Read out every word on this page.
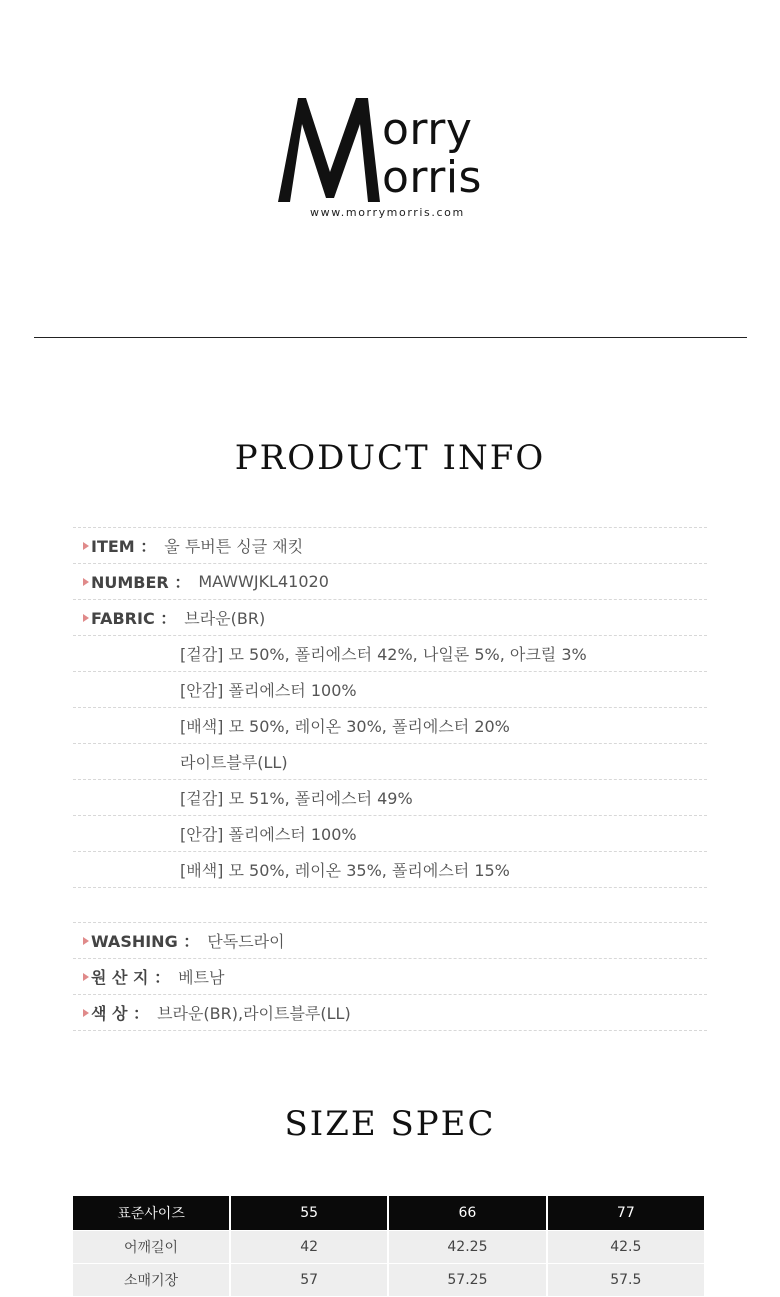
orry
orris
www.morrymorris.com
PRODUCT INFO
ITEM ： 울 투버튼 싱글 재킷
NUMBER ： MAWWJKL41020
FABRIC ： 브라운(BR)
[겉감] 모 50%, 폴리에스터 42%, 나일론 5%, 아크릴 3%
[안감] 폴리에스터 100%
[배색] 모 50%, 레이온 30%, 폴리에스터 20%
라이트블루(LL)
[겉감] 모 51%, 폴리에스터 49%
[안감] 폴리에스터 100%
[배색] 모 50%, 레이온 35%, 폴리에스터 15%
WASHING ： 단독드라이
원 산 지 ： 베트남
색 상 ： 브라운(BR),라이트블루(LL)
SIZE SPEC
표준사이즈	55	66	77
어깨길이	42	42.25	42.5
소매기장	57	57.25	57.5
